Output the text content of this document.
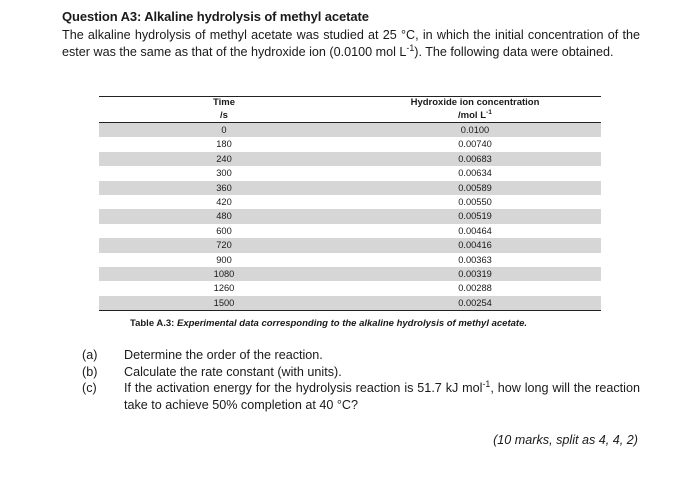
Question A3: Alkaline hydrolysis of methyl acetate

The alkaline hydrolysis of methyl acetate was studied at 25 °C, in which the initial concentration of the ester was the same as that of the hydroxide ion (0.0100 mol $L^{-1}$). The following data were obtained.

Time	Hydroxide ion concentration
/s	/mol $L^{-1}$
0	0.0100
180	0.00740
240	0.00683
300	0.00634
360	0.00589
420	0.00550
480	0.00519
600	0.00464
720	0.00416
900	0.00363
1080	0.00319
1260	0.00288
1500	0.00254
Table A.3: Experimental data corresponding to the alkaline hydrolysis of methyl acetate.
(a)	Determine the order of the reaction.
(b)	Calculate the rate constant (with units).
(c)	If the activation energy for the hydrolysis reaction is 51.7 kJ mol$^{-1}$, how long will the reaction take to achieve 50% completion at 40 °C?
(10 marks, split as 4, 4, 2)
